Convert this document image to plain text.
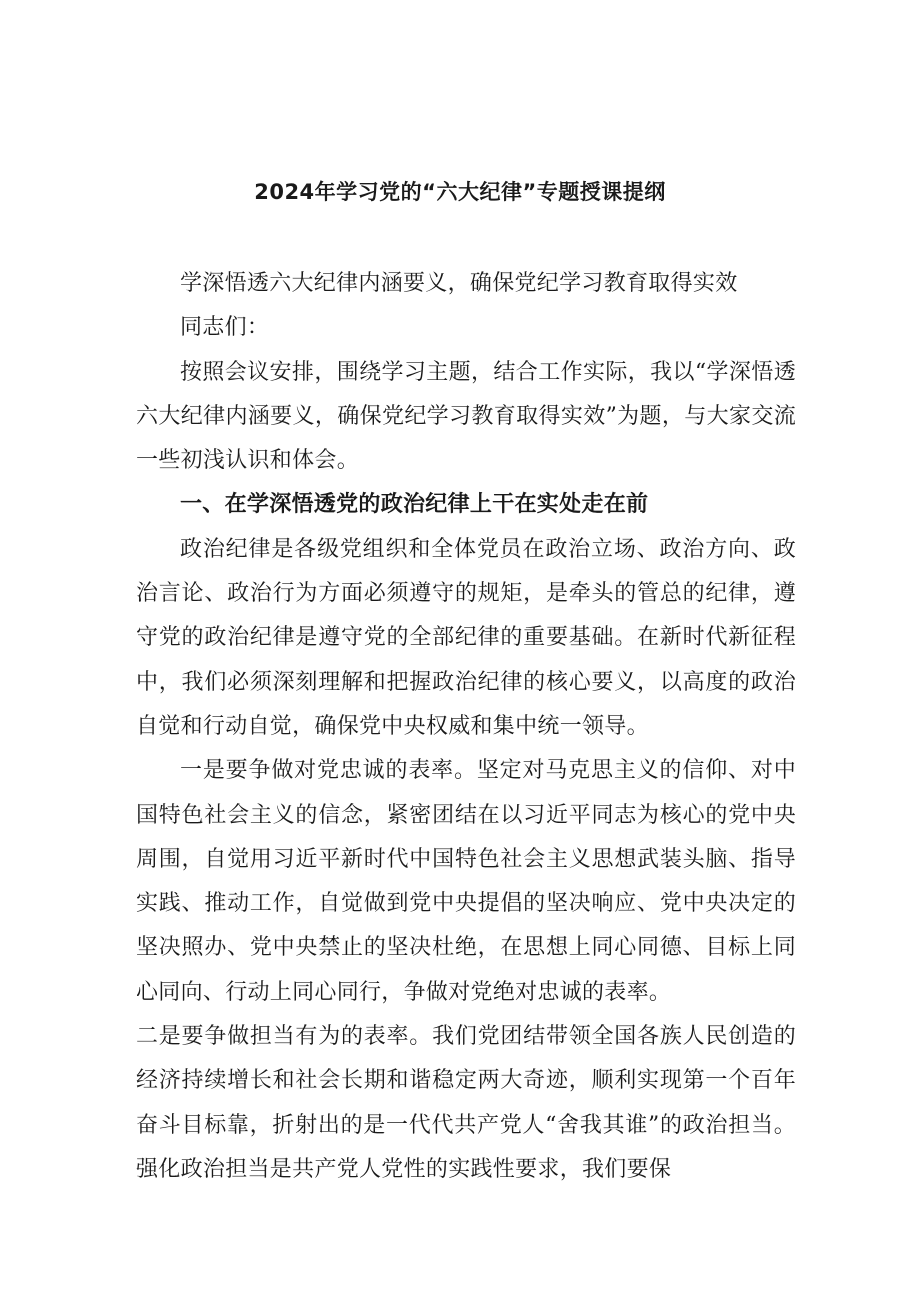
2024年学习党的“六大纪律”专题授课提纲

学深悟透六大纪律内涵要义，确保党纪学习教育取得实效

同志们：

按照会议安排，围绕学习主题，结合工作实际，我以“学深悟透六大纪律内涵要义，确保党纪学习教育取得实效”为题，与大家交流一些初浅认识和体会。

一、在学深悟透党的政治纪律上干在实处走在前

政治纪律是各级党组织和全体党员在政治立场、政治方向、政治言论、政治行为方面必须遵守的规矩，是牵头的管总的纪律，遵守党的政治纪律是遵守党的全部纪律的重要基础。在新时代新征程中，我们必须深刻理解和把握政治纪律的核心要义，以高度的政治自觉和行动自觉，确保党中央权威和集中统一领导。

一是要争做对党忠诚的表率。坚定对马克思主义的信仰、对中国特色社会主义的信念，紧密团结在以习近平同志为核心的党中央周围，自觉用习近平新时代中国特色社会主义思想武装头脑、指导实践、推动工作，自觉做到党中央提倡的坚决响应、党中央决定的坚决照办、党中央禁止的坚决杜绝，在思想上同心同德、目标上同心同向、行动上同心同行，争做对党绝对忠诚的表率。

二是要争做担当有为的表率。我们党团结带领全国各族人民创造的经济持续增长和社会长期和谐稳定两大奇迹，顺利实现第一个百年奋斗目标靠，折射出的是一代代共产党人“舍我其谁”的政治担当。强化政治担当是共产党人党性的实践性要求，我们要保
